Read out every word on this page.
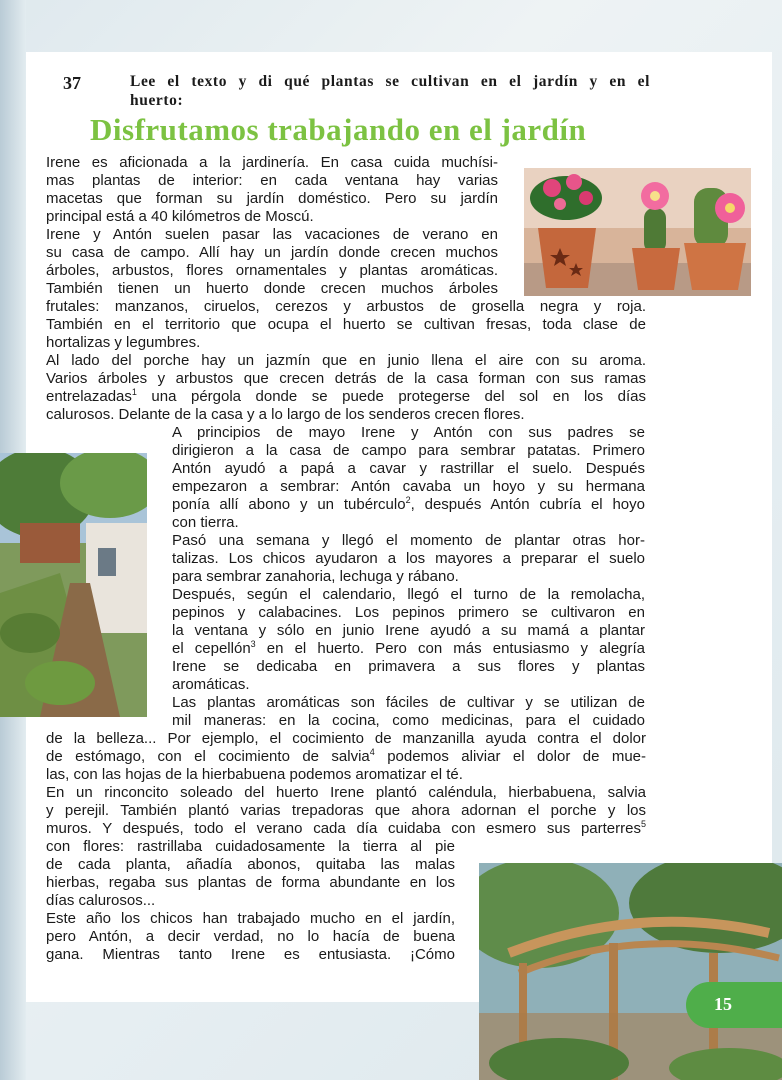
37	Lee el texto y di qué plantas se cultivan en el jardín y en el
huerto:
Disfrutamos trabajando en el jardín
Irene es aficionada a la jardinería. En casa cuida muchísi-
mas plantas de interior: en cada ventana hay varias
macetas que forman su jardín doméstico. Pero su jardín
principal está a 40 kilómetros de Moscú.
Irene y Antón suelen pasar las vacaciones de verano en
su casa de campo. Allí hay un jardín donde crecen muchos
árboles, arbustos, flores ornamentales y plantas aromáticas.
También tienen un huerto donde crecen muchos árboles
frutales: manzanos, ciruelos, cerezos y arbustos de grosella negra y roja.
También en el territorio que ocupa el huerto se cultivan fresas, toda clase de
hortalizas y legumbres.
Al lado del porche hay un jazmín que en junio llena el aire con su aroma.
Varios árboles y arbustos que crecen detrás de la casa forman con sus ramas
entrelazadas$^1$ una pérgola donde se puede protegerse del sol en los días
calurosos. Delante de la casa y a lo largo de los senderos crecen flores.
A principios de mayo Irene y Antón con sus padres se
dirigieron a la casa de campo para sembrar patatas. Primero
Antón ayudó a papá a cavar y rastrillar el suelo. Después
empezaron a sembrar: Antón cavaba un hoyo y su hermana
ponía allí abono y un tubérculo$^2$, después Antón cubría el hoyo
con tierra.
Pasó una semana y llegó el momento de plantar otras hor-
talizas. Los chicos ayudaron a los mayores a preparar el suelo
para sembrar zanahoria, lechuga y rábano.
Después, según el calendario, llegó el turno de la remolacha,
pepinos y calabacines. Los pepinos primero se cultivaron en
la ventana y sólo en junio Irene ayudó a su mamá a plantar
el cepellón$^3$ en el huerto. Pero con más entusiasmo y alegría
Irene se dedicaba en primavera a sus flores y plantas
aromáticas.
Las plantas aromáticas son fáciles de cultivar y se utilizan de
mil maneras: en la cocina, como medicinas, para el cuidado
de la belleza... Por ejemplo, el cocimiento de manzanilla ayuda contra el dolor
de estómago, con el cocimiento de salvia$^4$ podemos aliviar el dolor de mue-
las, con las hojas de la hierbabuena podemos aromatizar el té.
En un rinconcito soleado del huerto Irene plantó caléndula, hierbabuena, salvia
y perejil. También plantó varias trepadoras que ahora adornan el porche y los
muros. Y después, todo el verano cada día cuidaba con esmero sus parterres$^5$
con flores: rastrillaba cuidadosamente la tierra al pie
de cada planta, añadía abonos, quitaba las malas
hierbas, regaba sus plantas de forma abundante en los
días calurosos...
Este año los chicos han trabajado mucho en el jardín,
pero Antón, a decir verdad, no lo hacía de buena
gana. Mientras tanto Irene es entusiasta. ¡Cómo
15
